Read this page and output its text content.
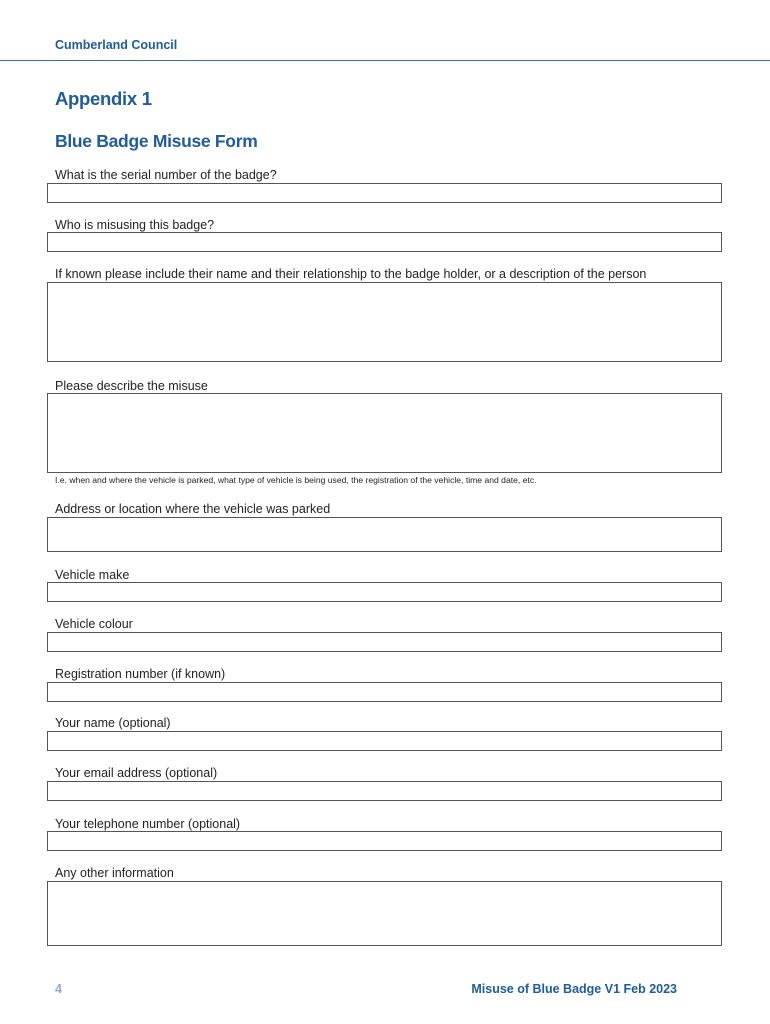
Cumberland Council
Appendix 1
Blue Badge Misuse Form
What is the serial number of the badge?
Who is misusing this badge?
If known please include their name and their relationship to the badge holder, or a description of the person
Please describe the misuse
I.e. when and where the vehicle is parked, what type of vehicle is being used, the registration of the vehicle, time and date, etc.
Address or location where the vehicle was parked
Vehicle make
Vehicle colour
Registration number (if known)
Your name (optional)
Your email address (optional)
Your telephone number (optional)
Any other information
4	Misuse of Blue Badge V1 Feb 2023
